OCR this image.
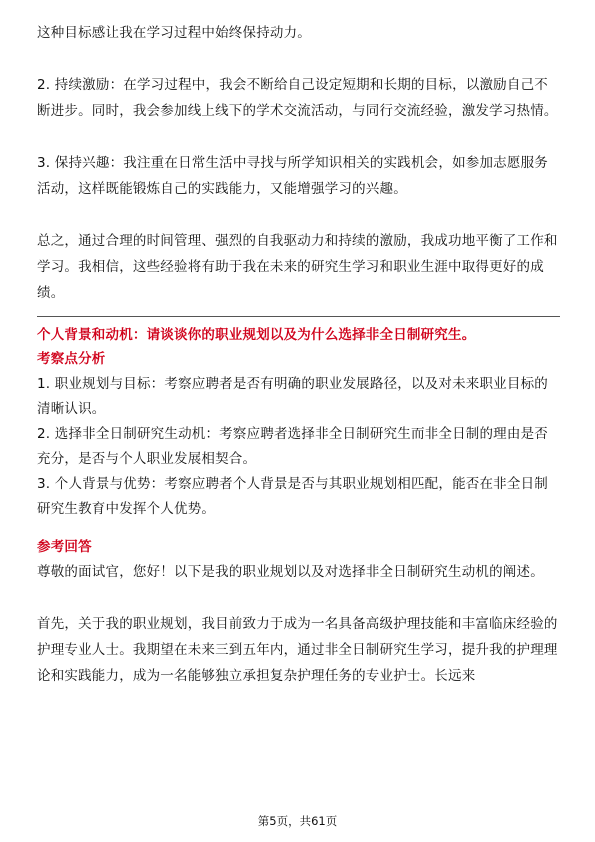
这种目标感让我在学习过程中始终保持动力。

2. 持续激励：在学习过程中，我会不断给自己设定短期和长期的目标，以激励自己不断进步。同时，我会参加线上线下的学术交流活动，与同行交流经验，激发学习热情。

3. 保持兴趣：我注重在日常生活中寻找与所学知识相关的实践机会，如参加志愿服务活动，这样既能锻炼自己的实践能力，又能增强学习的兴趣。

总之，通过合理的时间管理、强烈的自我驱动力和持续的激励，我成功地平衡了工作和学习。我相信，这些经验将有助于我在未来的研究生学习和职业生涯中取得更好的成绩。

个人背景和动机：请谈谈你的职业规划以及为什么选择非全日制研究生。

考察点分析

1. 职业规划与目标：考察应聘者是否有明确的职业发展路径，以及对未来职业目标的清晰认识。

2. 选择非全日制研究生动机：考察应聘者选择非全日制研究生而非全日制的理由是否充分，是否与个人职业发展相契合。

3. 个人背景与优势：考察应聘者个人背景是否与其职业规划相匹配，能否在非全日制研究生教育中发挥个人优势。

参考回答

尊敬的面试官，您好！以下是我的职业规划以及对选择非全日制研究生动机的阐述。

首先，关于我的职业规划，我目前致力于成为一名具备高级护理技能和丰富临床经验的护理专业人士。我期望在未来三到五年内，通过非全日制研究生学习，提升我的护理理论和实践能力，成为一名能够独立承担复杂护理任务的专业护士。长远来

第5页，共61页
